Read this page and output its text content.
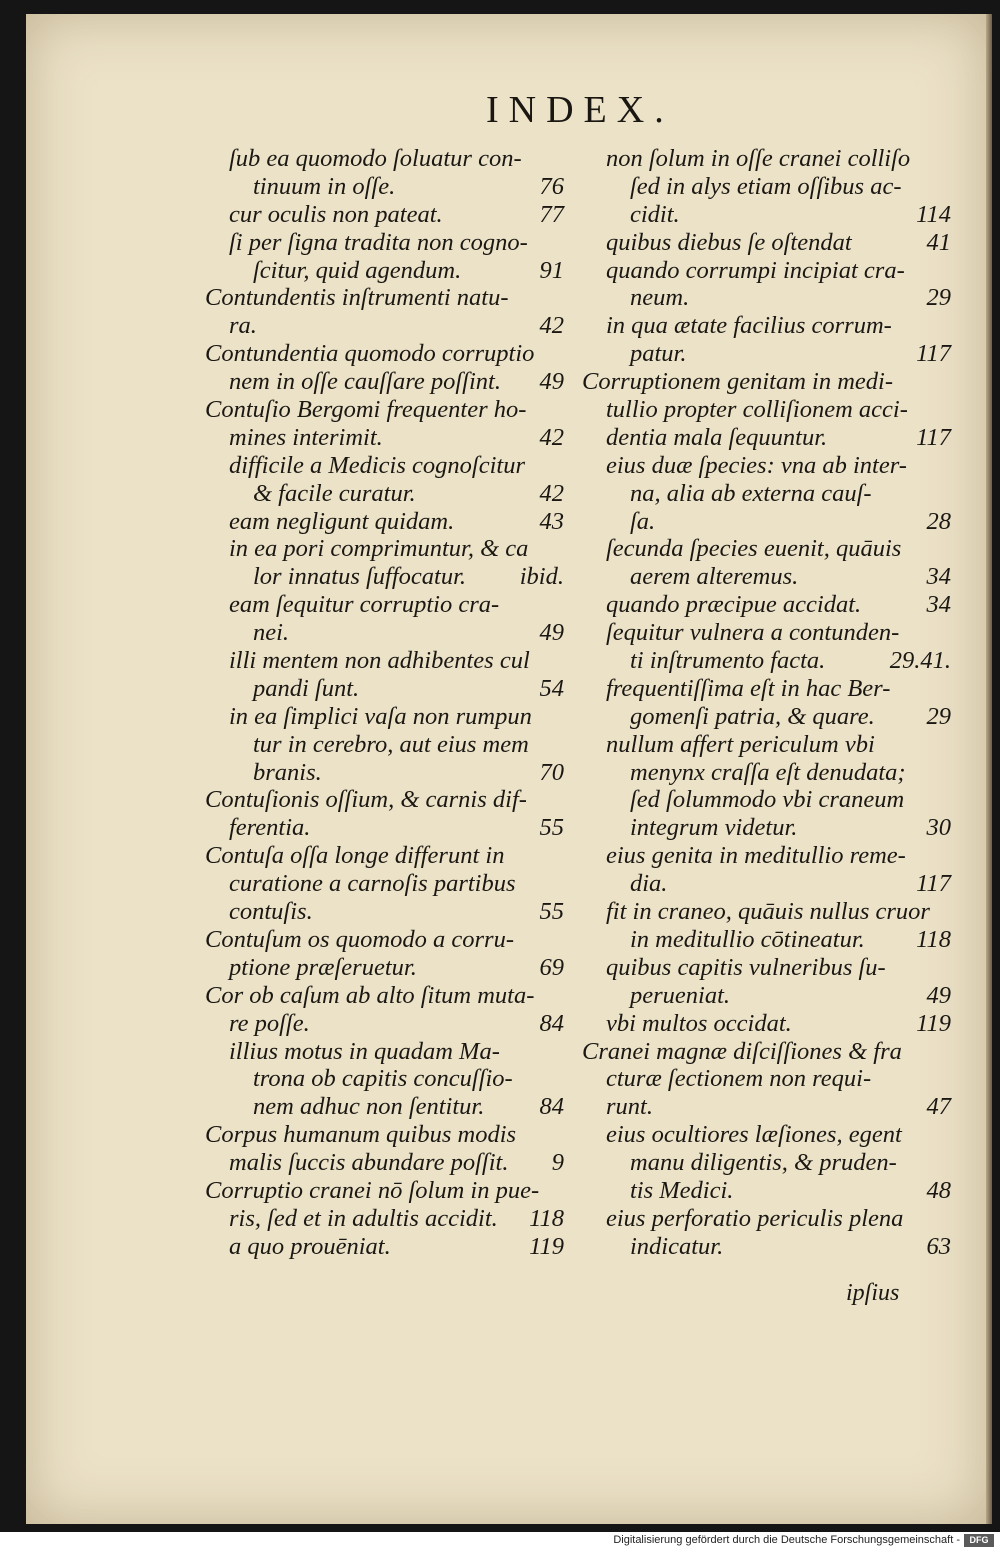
INDEX.
ſub ea quomodo ſoluatur con-
tinuum in oſſe.	76
cur oculis non pateat.	77
ſi per ſigna tradita non cogno-
ſcitur, quid agendum.	91
Contundentis inſtrumenti natu-
ra.	42
Contundentia quomodo corruptio
nem in oſſe cauſſare poſſint. 49
Contuſio Bergomi frequenter ho-
mines interimit.	42
difficile a Medicis cognoſcitur
& facile curatur.	42
eam negligunt quidam.	43
in ea pori comprimuntur, & ca
lor innatus ſuffocatur. ibid.
eam ſequitur corruptio cra-
nei.	49
illi mentem non adhibentes cul
pandi ſunt.	54
in ea ſimplici vaſa non rumpun
tur in cerebro, aut eius mem
branis.	70
Contuſionis oſſium, & carnis dif-
ferentia.	55
Contuſa oſſa longe differunt in
curatione a carnoſis partibus
contuſis.	55
Contuſum os quomodo a corru-
ptione præſeruetur.	69
Cor ob caſum ab alto ſitum muta-
re poſſe.	84
illius motus in quadam Ma-
trona ob capitis concuſſio-
nem adhuc non ſentitur. 84
Corpus humanum quibus modis
malis ſuccis abundare poſſit. 9
Corruptio cranei nō ſolum in pue-
ris, ſed et in adultis accidit. 118
a quo prouēniat.	119
non ſolum in oſſe cranei colliſo
ſed in alys etiam oſſibus ac-
cidit.	114
quibus diebus ſe oſtendat	41
quando corrumpi incipiat cra-
neum.	29
in qua ætate facilius corrum-
patur.	117
Corruptionem genitam in medi-
tullio propter colliſionem acci-
dentia mala ſequuntur.	117
eius duæ ſpecies: vna ab inter-
na, alia ab externa cauſ-
ſa.	28
ſecunda ſpecies euenit, quāuis
aerem alteremus.	34
quando præcipue accidat.	34
ſequitur vulnera a contunden-
ti inſtrumento facta.	29.41.
frequentiſſima eſt in hac Ber-
gomenſi patria, & quare. 29
nullum affert periculum vbi
menynx craſſa eſt denudata;
ſed ſolummodo vbi craneum
integrum videtur.	30
eius genita in meditullio reme-
dia.	117
fit in craneo, quāuis nullus cruor
in meditullio cōtineatur. 118
quibus capitis vulneribus ſu-
perueniat.	49
vbi multos occidat.	119
Cranei magnæ diſciſſiones & fra
cturæ ſectionem non requi-
runt.	47
eius ocultiores læſiones, egent
manu diligentis, & pruden-
tis Medici.	48
eius perforatio periculis plena
indicatur.	63
ipſius
Digitalisierung gefördert durch die Deutsche Forschungsgemeinschaft -	DFG
